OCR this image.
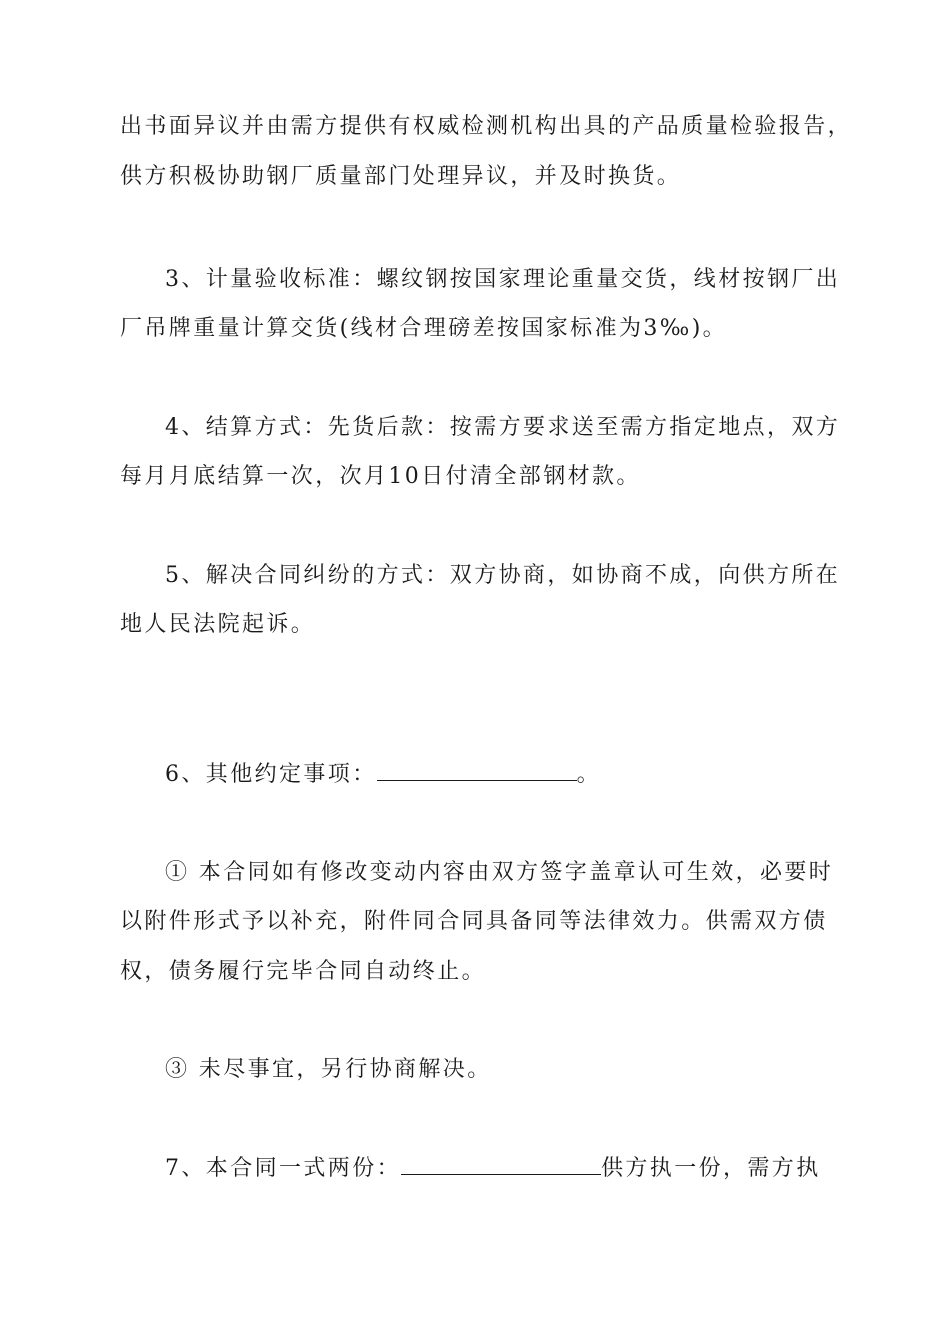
出书面异议并由需方提供有权威检测机构出具的产品质量检验报告，
供方积极协助钢厂质量部门处理异议，并及时换货。
3、计量验收标准：螺纹钢按国家理论重量交货，线材按钢厂出
厂吊牌重量计算交货(线材合理磅差按国家标准为3‰)。
4、结算方式：先货后款：按需方要求送至需方指定地点，双方
每月月底结算一次，次月10日付清全部钢材款。
5、解决合同纠纷的方式：双方协商，如协商不成，向供方所在
地人民法院起诉。
6、其他约定事项：	。
① 本合同如有修改变动内容由双方签字盖章认可生效，必要时
以附件形式予以补充，附件同合同具备同等法律效力。供需双方债
权，债务履行完毕合同自动终止。
③ 未尽事宜，另行协商解决。
7、本合同一式两份：	供方执一份，需方执
